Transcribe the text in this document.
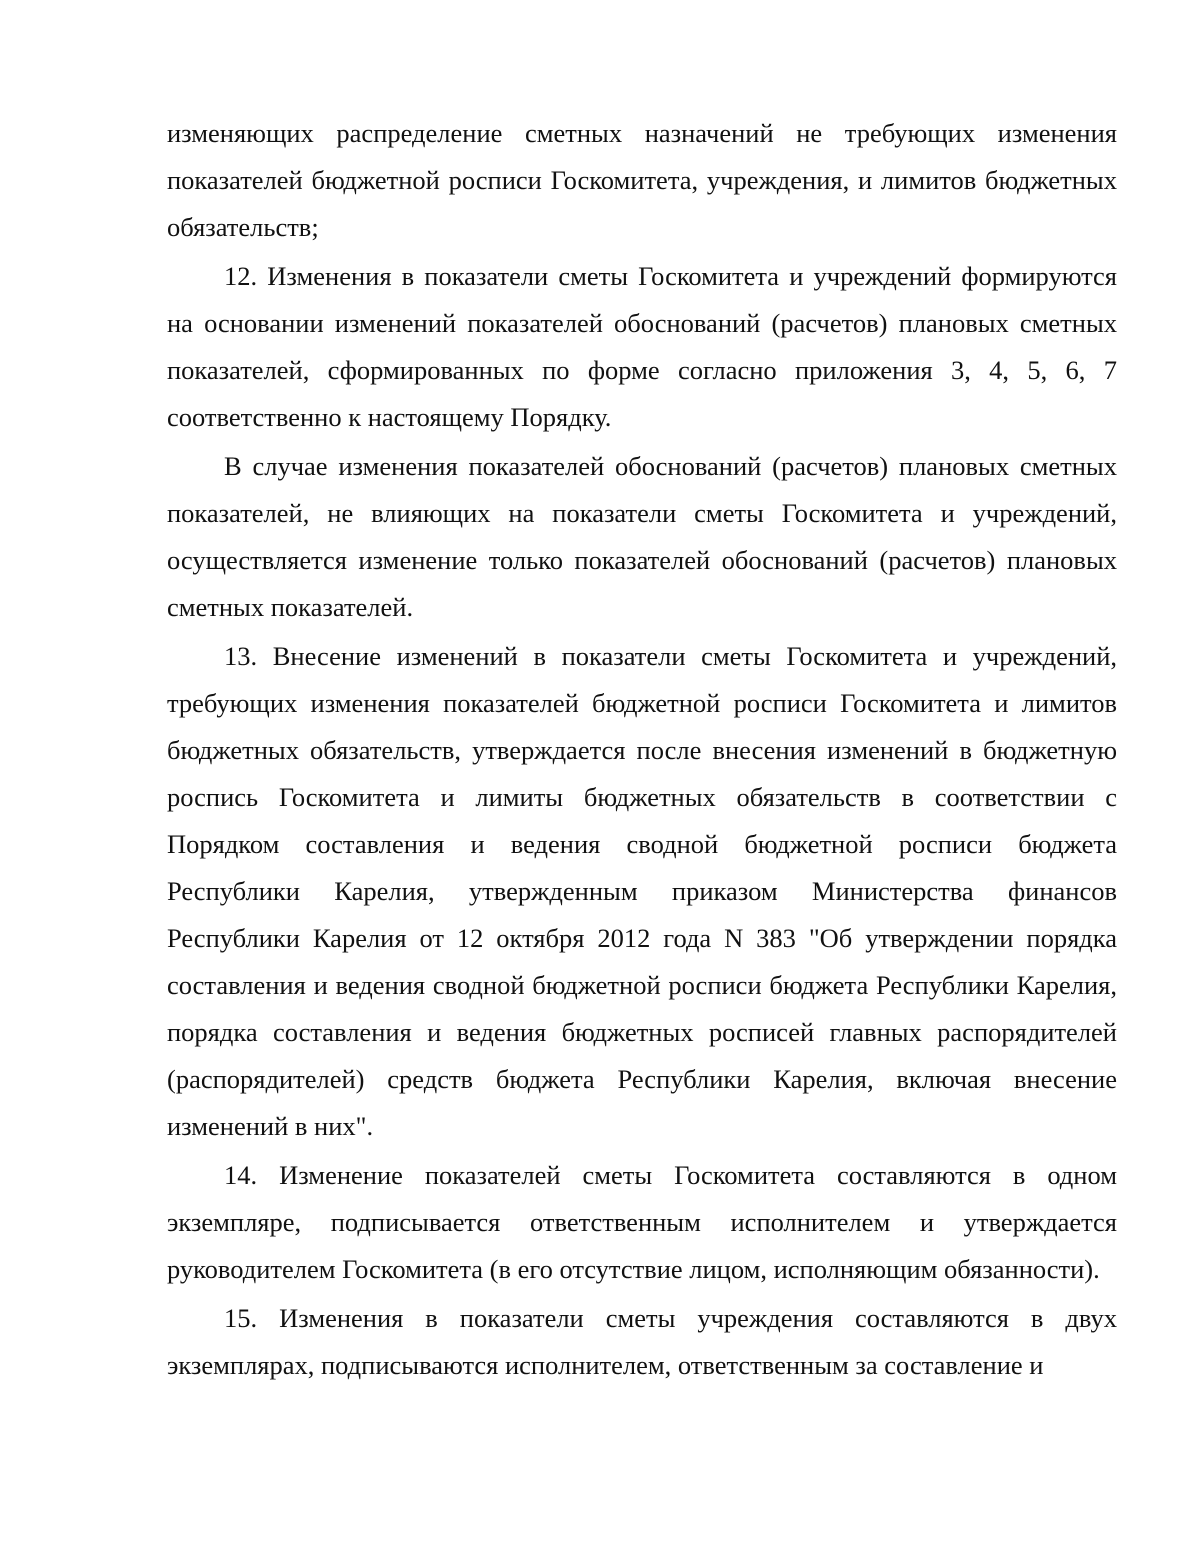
изменяющих распределение сметных назначений не требующих изменения показателей бюджетной росписи Госкомитета, учреждения, и лимитов бюджетных обязательств;

12. Изменения в показатели сметы Госкомитета и учреждений формируются на основании изменений показателей обоснований (расчетов) плановых сметных показателей, сформированных по форме согласно приложения 3, 4, 5, 6, 7 соответственно к настоящему Порядку.

В случае изменения показателей обоснований (расчетов) плановых сметных показателей, не влияющих на показатели сметы Госкомитета и учреждений, осуществляется изменение только показателей обоснований (расчетов) плановых сметных показателей.

13. Внесение изменений в показатели сметы Госкомитета и учреждений, требующих изменения показателей бюджетной росписи Госкомитета и лимитов бюджетных обязательств, утверждается после внесения изменений в бюджетную роспись Госкомитета и лимиты бюджетных обязательств в соответствии с Порядком составления и ведения сводной бюджетной росписи бюджета Республики Карелия, утвержденным приказом Министерства финансов Республики Карелия от 12 октября 2012 года N 383 "Об утверждении порядка составления и ведения сводной бюджетной росписи бюджета Республики Карелия, порядка составления и ведения бюджетных росписей главных распорядителей (распорядителей) средств бюджета Республики Карелия, включая внесение изменений в них".

14. Изменение показателей сметы Госкомитета составляются в одном экземпляре, подписывается ответственным исполнителем и утверждается руководителем Госкомитета (в его отсутствие лицом, исполняющим обязанности).

15. Изменения в показатели сметы учреждения составляются в двух экземплярах, подписываются исполнителем, ответственным за составление и
